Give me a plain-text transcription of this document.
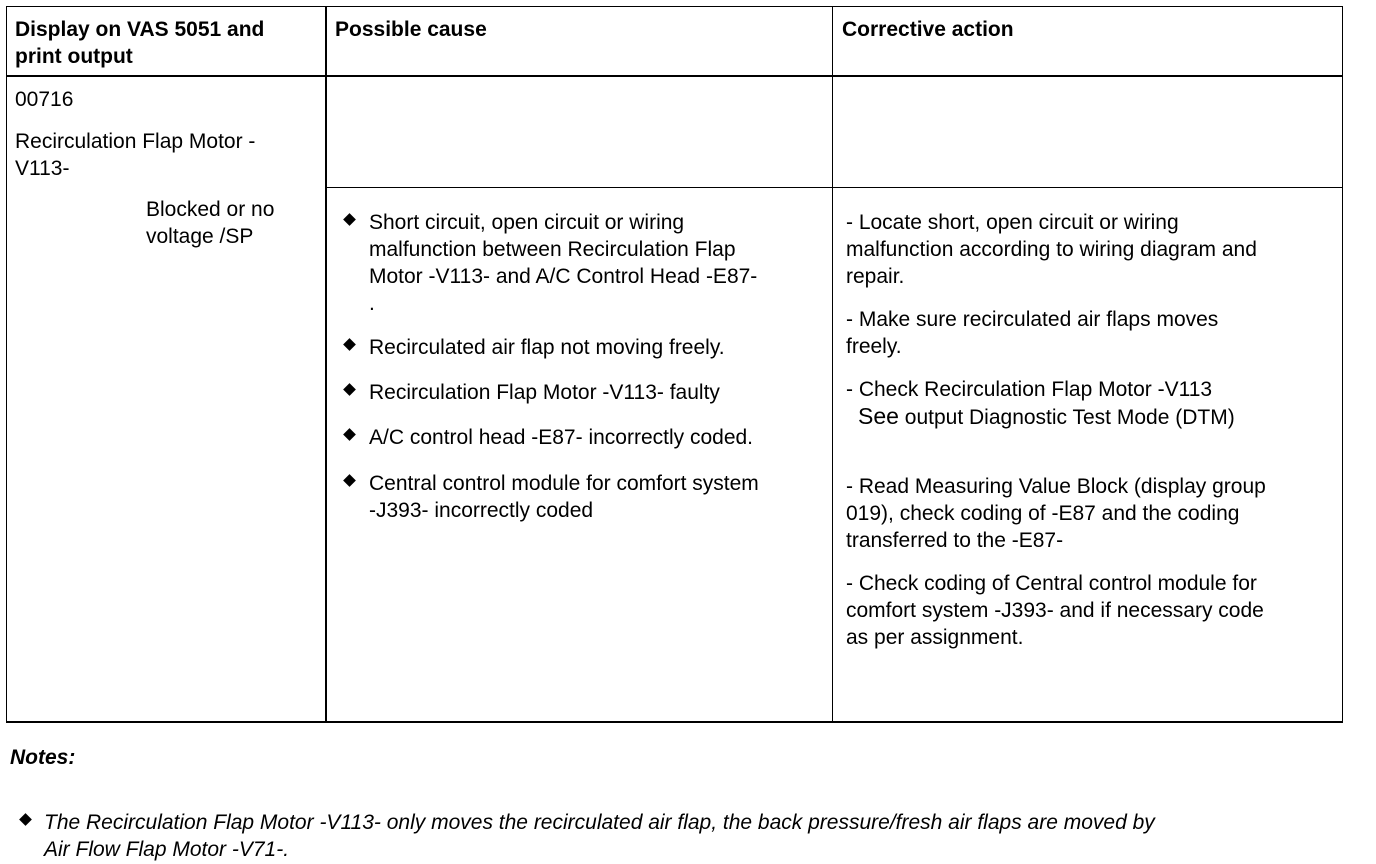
Display on VAS 5051 and
print output
Possible cause	Corrective action
00716
Recirculation Flap Motor -
V113-
Blocked or no
voltage /SP
Short circuit, open circuit or wiring
malfunction between Recirculation Flap
Motor -V113- and A/C Control Head -E87-
.
Recirculated air flap not moving freely.
Recirculation Flap Motor -V113- faulty
A/C control head -E87- incorrectly coded.
Central control module for comfort system
-J393- incorrectly coded
- Locate short, open circuit or wiring
malfunction according to wiring diagram and
repair.
- Make sure recirculated air flaps moves
freely.
- Check Recirculation Flap Motor -V113
See output Diagnostic Test Mode (DTM)
- Read Measuring Value Block (display group
019), check coding of -E87 and the coding
transferred to the -E87-
- Check coding of Central control module for
comfort system -J393- and if necessary code
as per assignment.
Notes:
The Recirculation Flap Motor -V113- only moves the recirculated air flap, the back pressure/fresh air flaps are moved by
Air Flow Flap Motor -V71-.
